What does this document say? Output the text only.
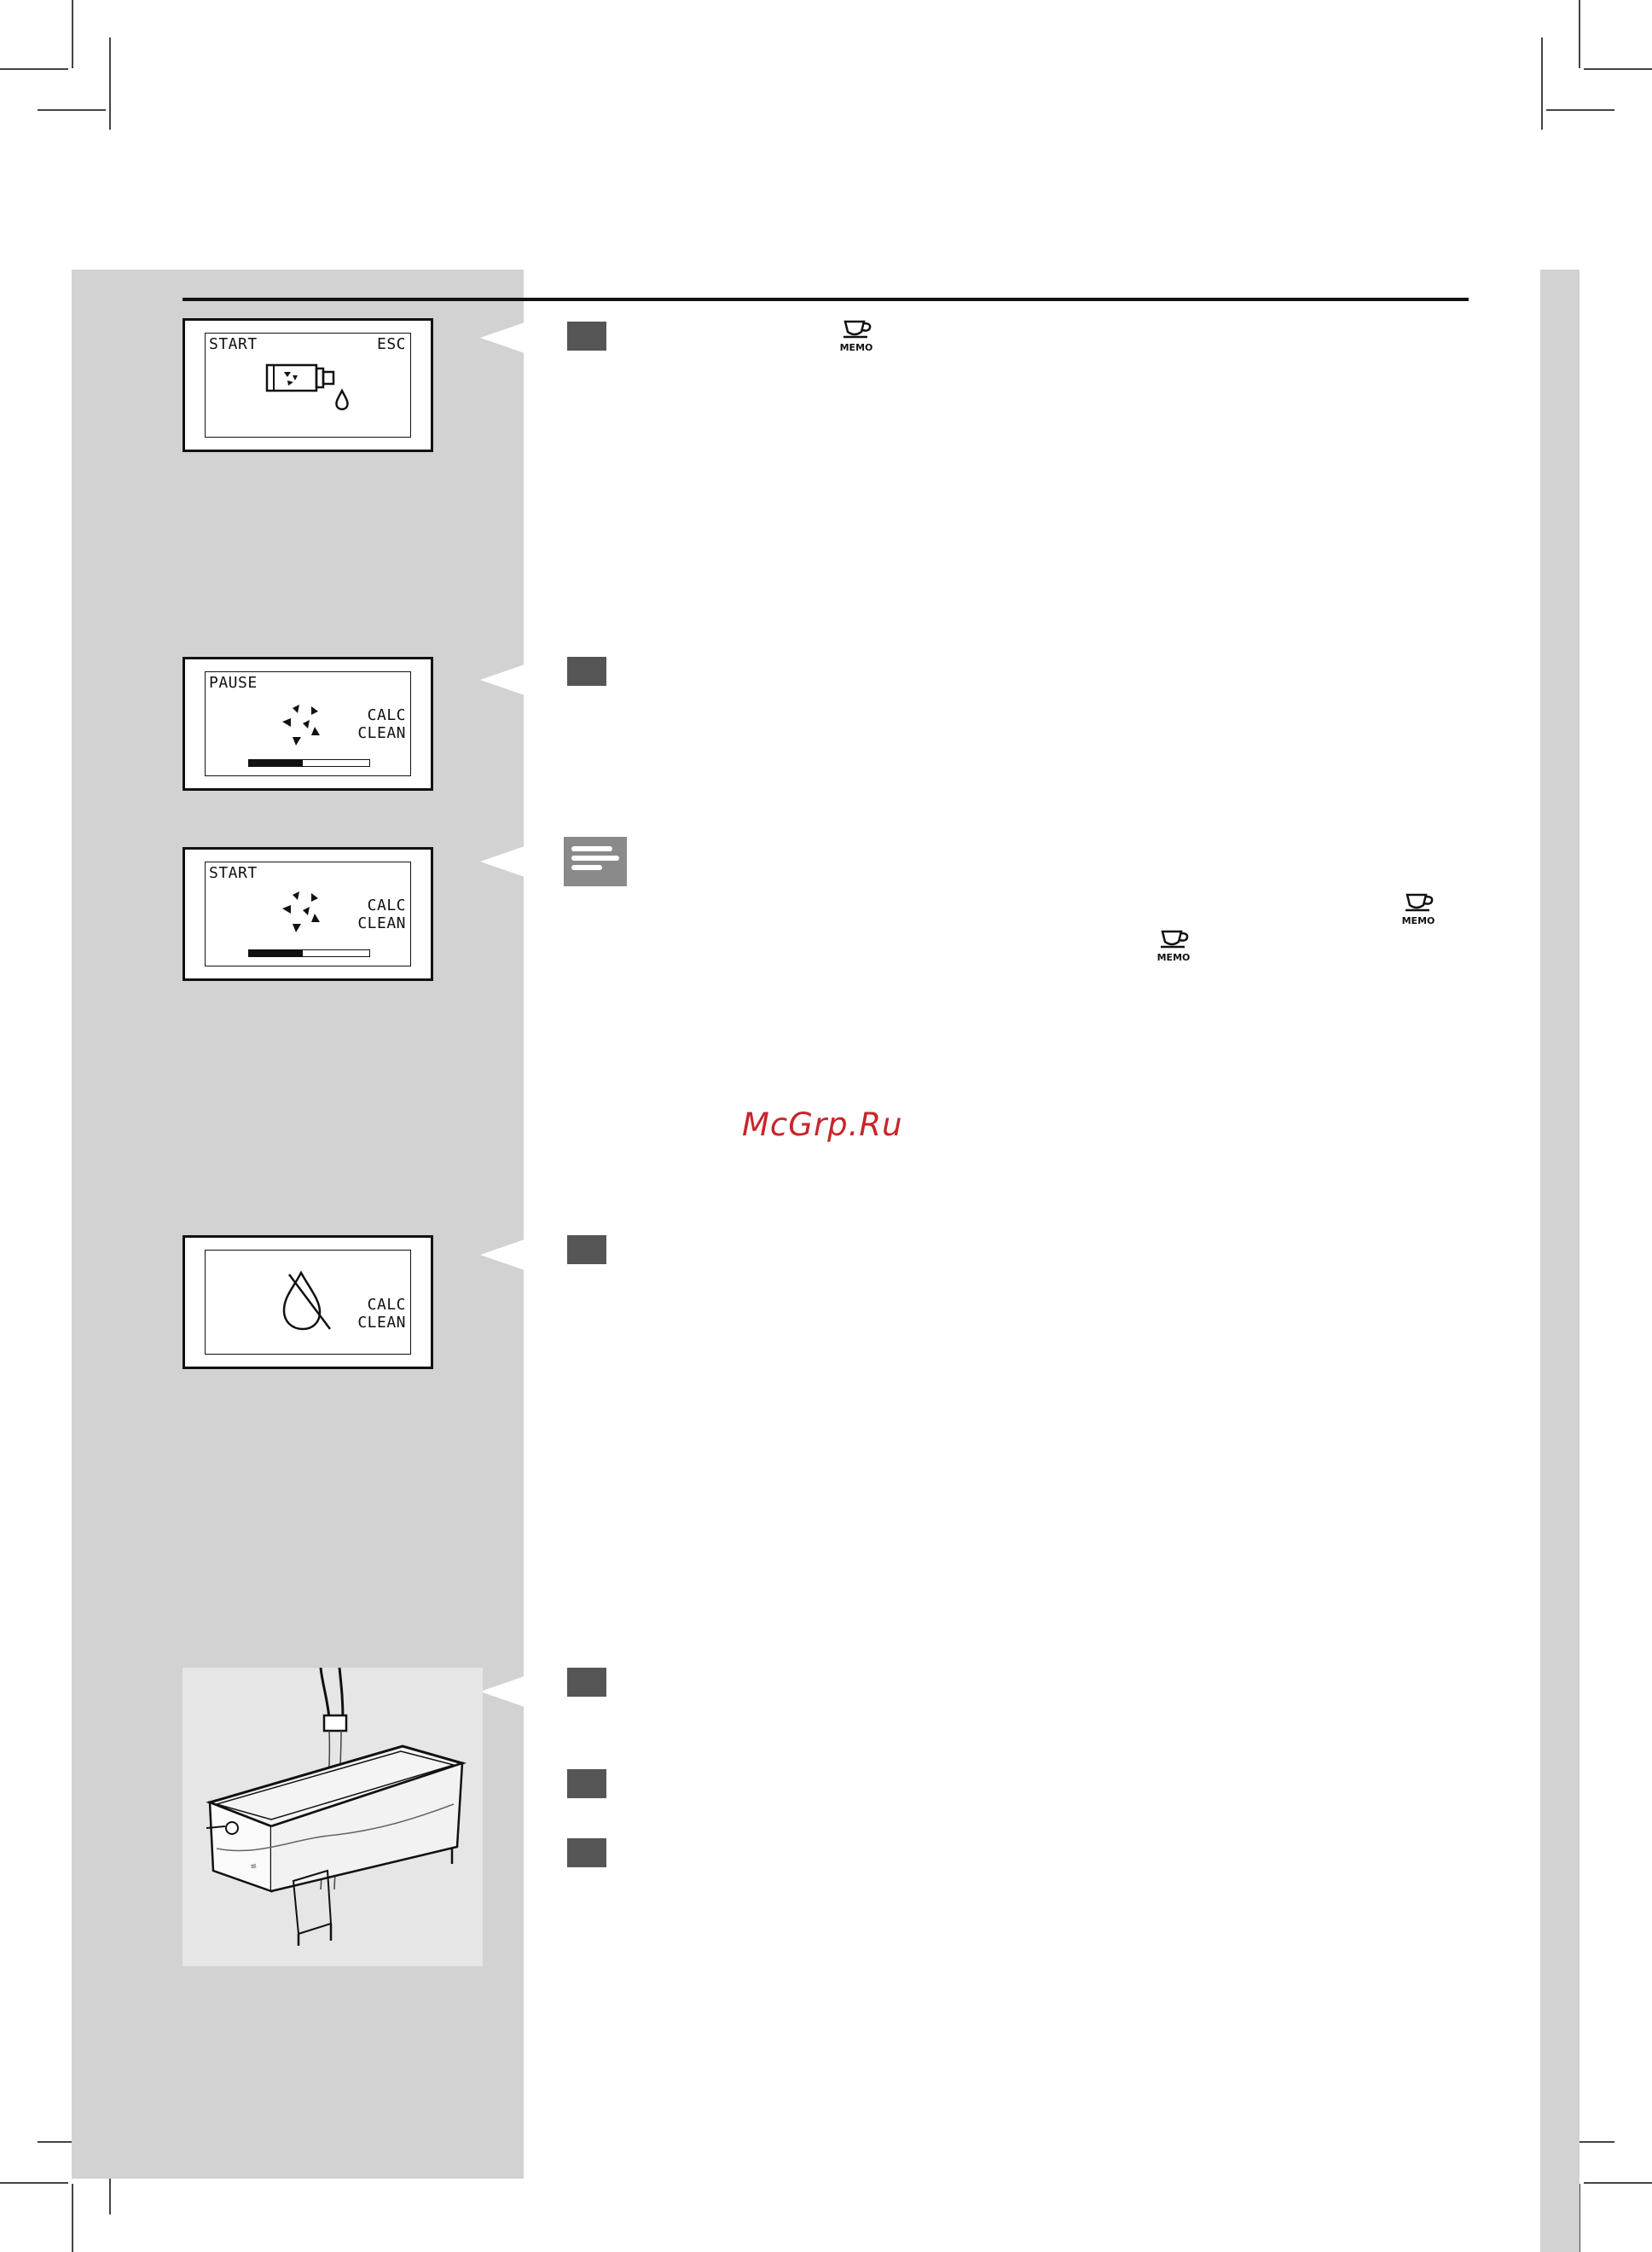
START	ESC
PAUSE
CALC
CLEAN
START
CALC
CLEAN
CALC
CLEAN
MEMO
MEMO
MEMO
McGrp.Ru
≡
